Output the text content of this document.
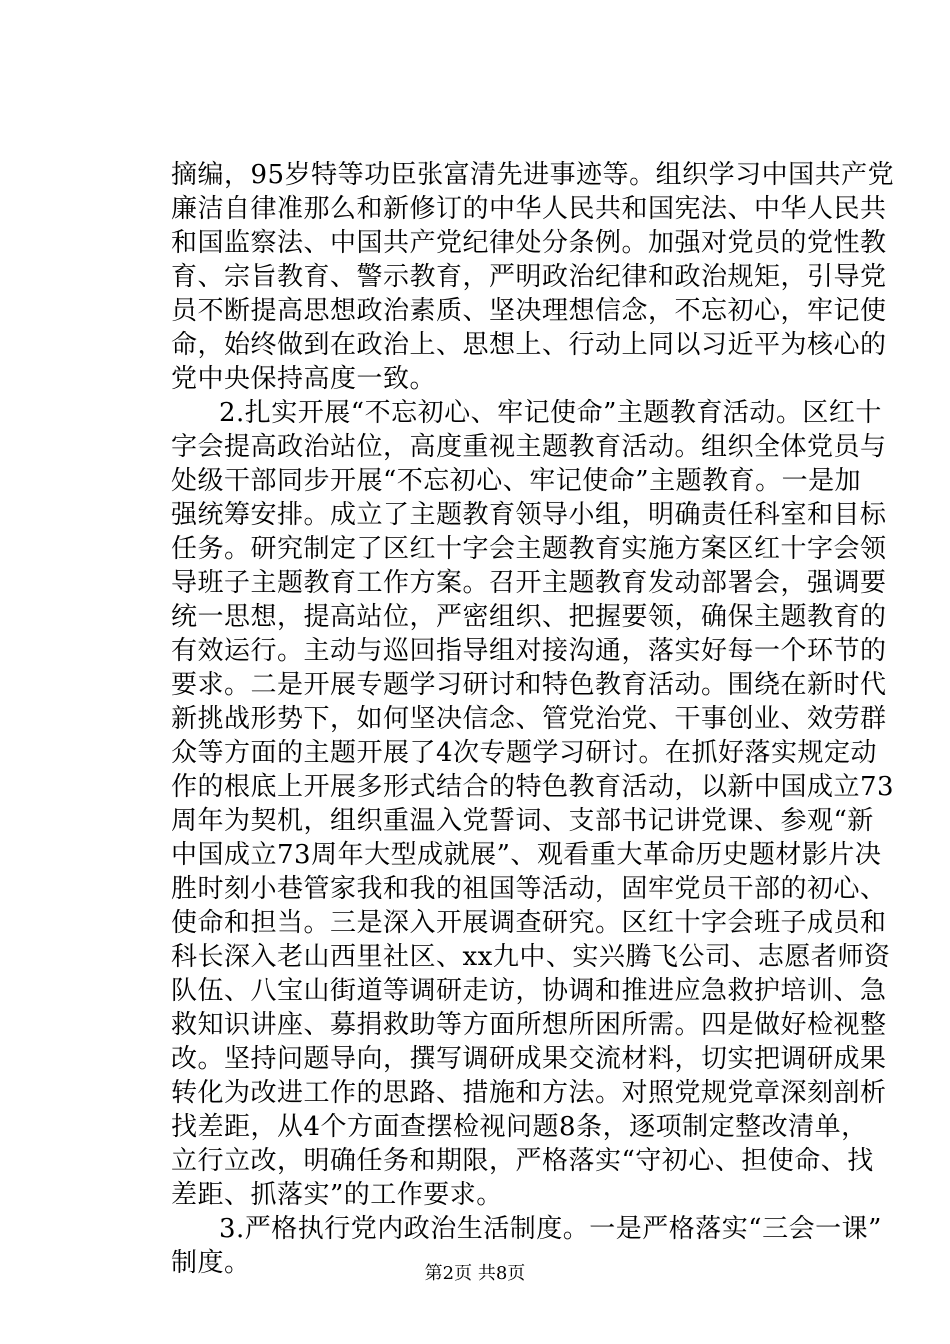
摘编，95岁特等功臣张富清先进事迹等。组织学习中国共产党
廉洁自律准那么和新修订的中华人民共和国宪法、中华人民共
和国监察法、中国共产党纪律处分条例。加强对党员的党性教
育、宗旨教育、警示教育，严明政治纪律和政治规矩，引导党
员不断提高思想政治素质、坚决理想信念，不忘初心，牢记使
命，始终做到在政治上、思想上、行动上同以习近平为核心的
党中央保持高度一致。
2.扎实开展“不忘初心、牢记使命”主题教育活动。区红十
字会提高政治站位，高度重视主题教育活动。组织全体党员与
处级干部同步开展“不忘初心、牢记使命”主题教育。一是加
强统筹安排。成立了主题教育领导小组，明确责任科室和目标
任务。研究制定了区红十字会主题教育实施方案区红十字会领
导班子主题教育工作方案。召开主题教育发动部署会，强调要
统一思想，提高站位，严密组织、把握要领，确保主题教育的
有效运行。主动与巡回指导组对接沟通，落实好每一个环节的
要求。二是开展专题学习研讨和特色教育活动。围绕在新时代
新挑战形势下，如何坚决信念、管党治党、干事创业、效劳群
众等方面的主题开展了4次专题学习研讨。在抓好落实规定动
作的根底上开展多形式结合的特色教育活动，以新中国成立73
周年为契机，组织重温入党誓词、支部书记讲党课、参观“新
中国成立73周年大型成就展”、观看重大革命历史题材影片决
胜时刻小巷管家我和我的祖国等活动，固牢党员干部的初心、
使命和担当。三是深入开展调查研究。区红十字会班子成员和
科长深入老山西里社区、xx九中、实兴腾飞公司、志愿者师资
队伍、八宝山街道等调研走访，协调和推进应急救护培训、急
救知识讲座、募捐救助等方面所想所困所需。四是做好检视整
改。坚持问题导向，撰写调研成果交流材料，切实把调研成果
转化为改进工作的思路、措施和方法。对照党规党章深刻剖析
找差距，从4个方面查摆检视问题8条，逐项制定整改清单，
立行立改，明确任务和期限，严格落实“守初心、担使命、找
差距、抓落实”的工作要求。
3.严格执行党内政治生活制度。一是严格落实“三会一课”
制度。	第2页 共8页
